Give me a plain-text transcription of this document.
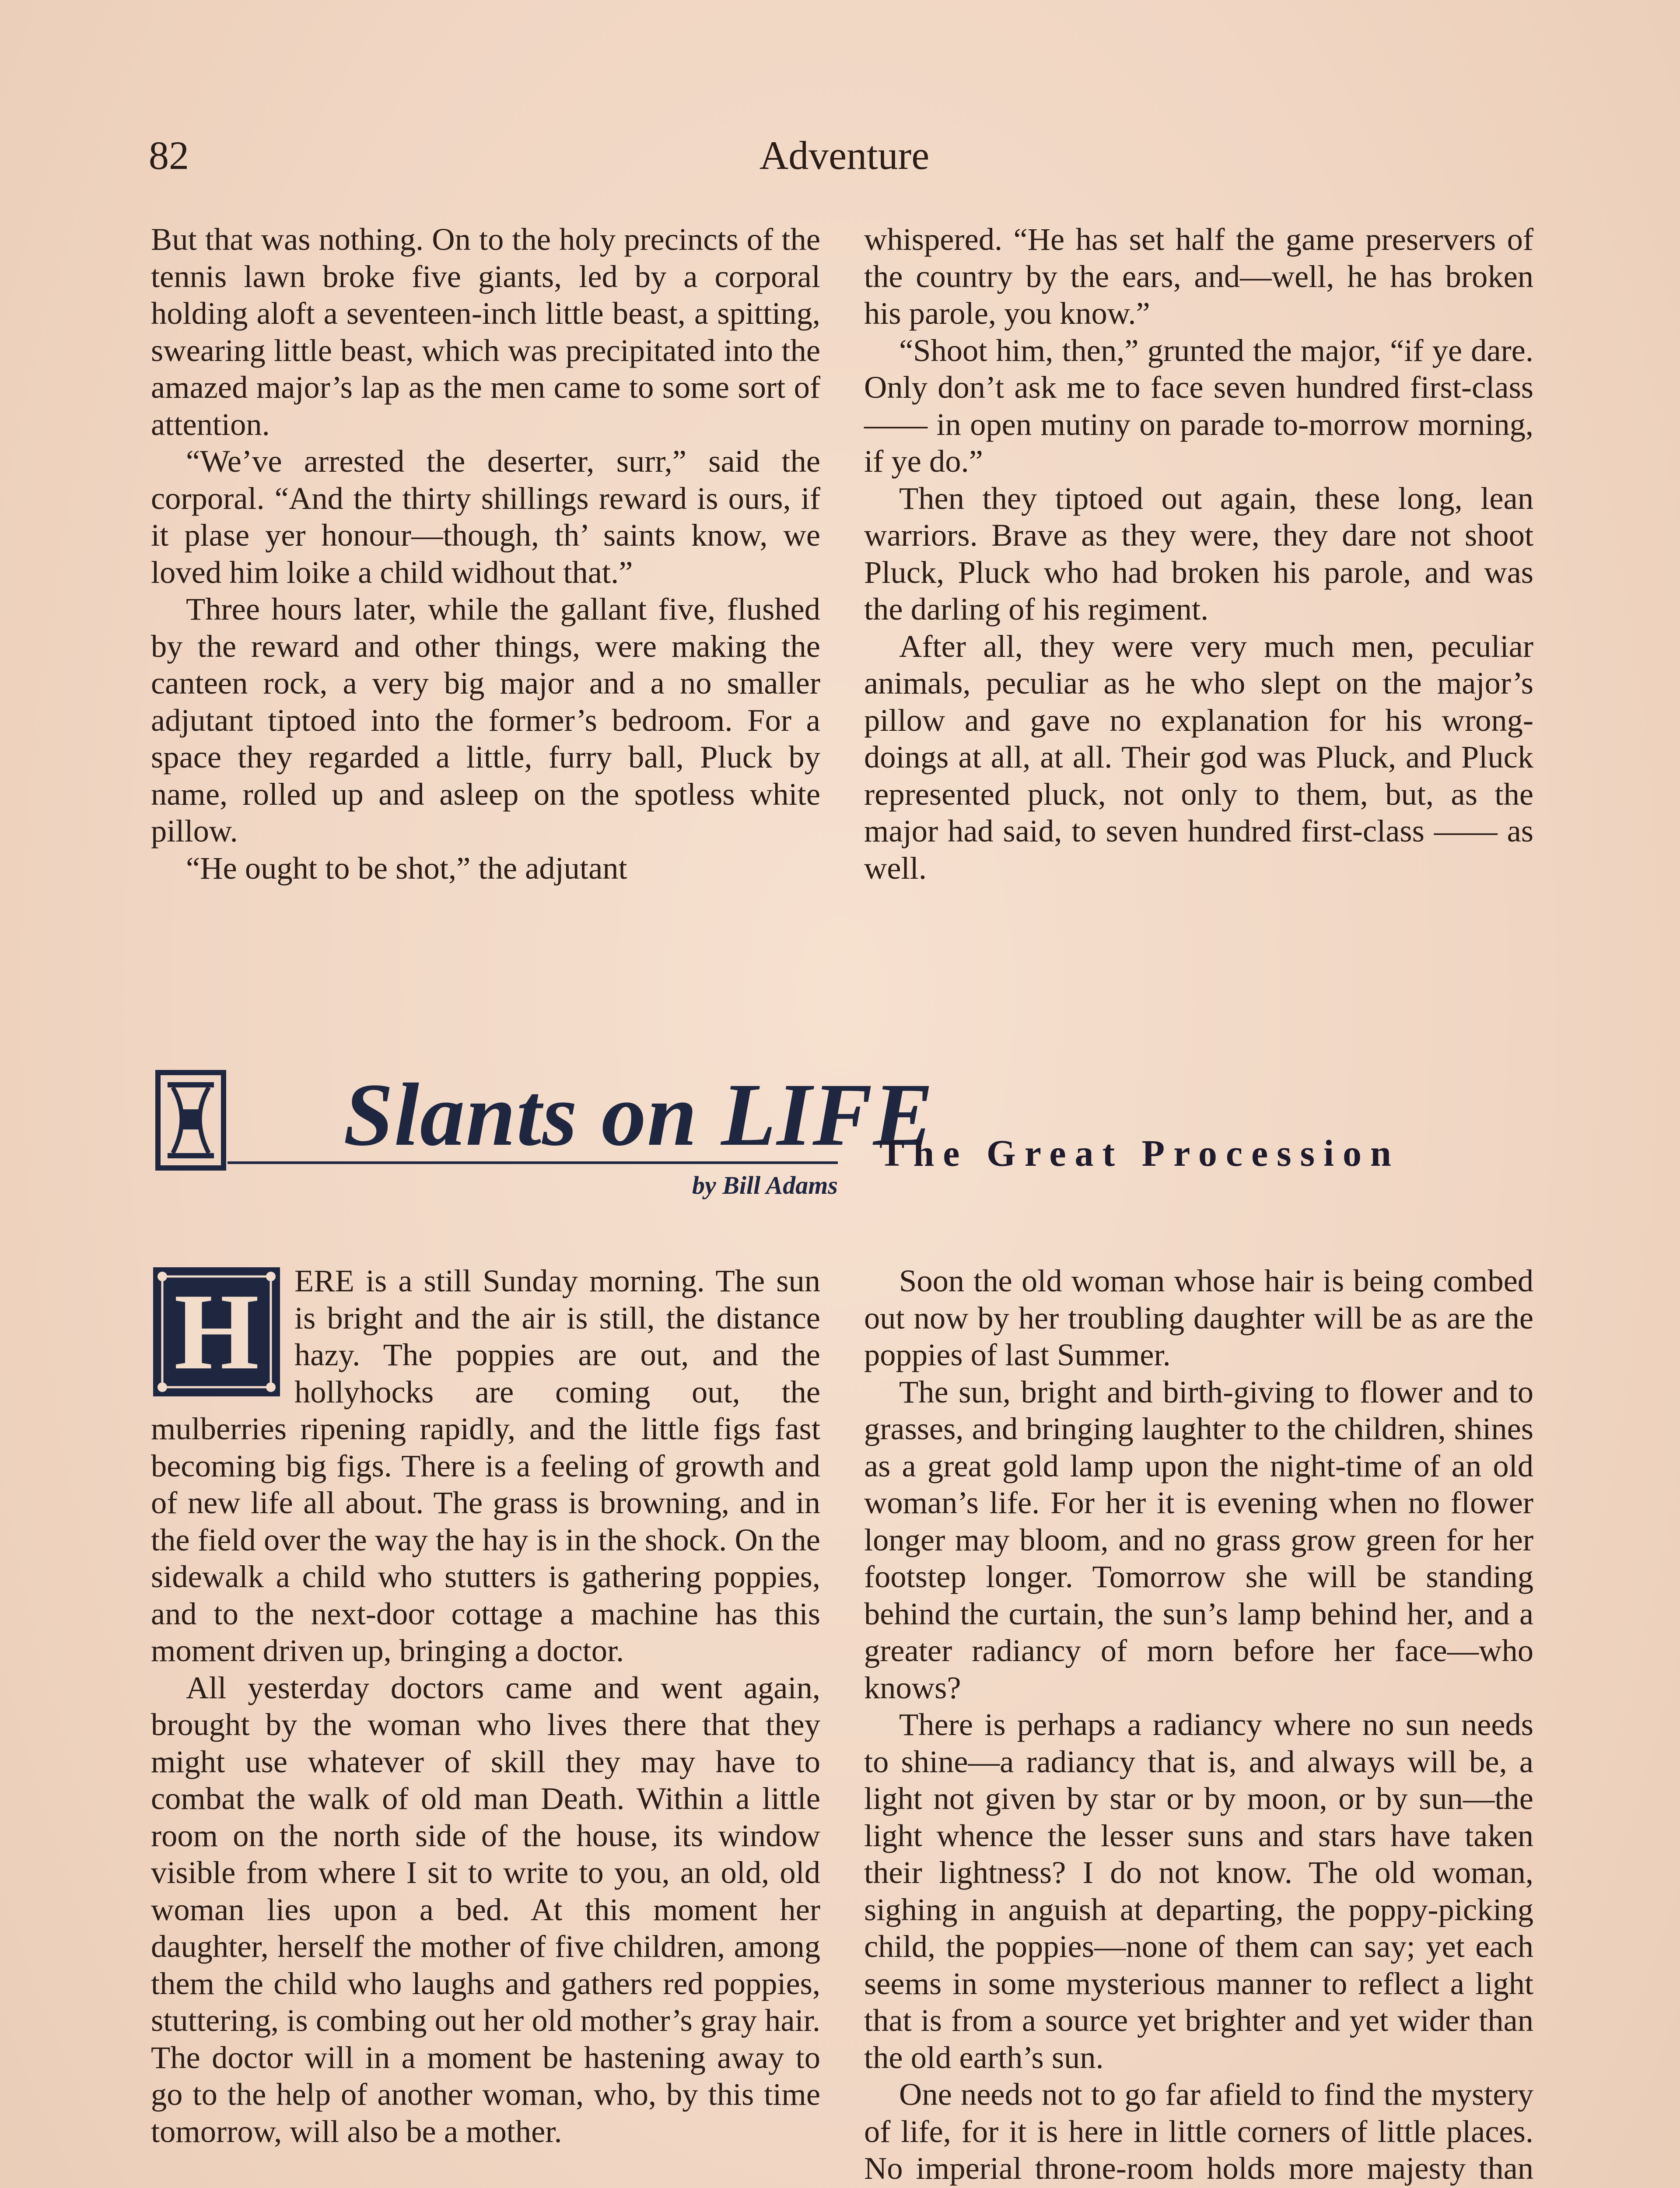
82	Adventure

But that was nothing. On to the holy precincts of the tennis lawn broke five giants, led by a corporal holding aloft a seventeen-inch little beast, a spitting, swearing little beast, which was precipitated into the amazed major’s lap as the men came to some sort of attention.

“We’ve arrested the deserter, surr,” said the corporal. “And the thirty shillings reward is ours, if it plase yer honour—though, th’ saints know, we loved him loike a child widhout that.”

Three hours later, while the gallant five, flushed by the reward and other things, were making the canteen rock, a very big major and a no smaller adjutant tiptoed into the former’s bedroom. For a space they regarded a little, furry ball, Pluck by name, rolled up and asleep on the spotless white pillow.

“He ought to be shot,” the adjutant

whispered. “He has set half the game preservers of the country by the ears, and—well, he has broken his parole, you know.”

“Shoot him, then,” grunted the major, “if ye dare. Only don’t ask me to face seven hundred first-class —— in open mutiny on parade to-morrow morning, if ye do.”

Then they tiptoed out again, these long, lean warriors. Brave as they were, they dare not shoot Pluck, Pluck who had broken his parole, and was the darling of his regiment.

After all, they were very much men, peculiar animals, peculiar as he who slept on the major’s pillow and gave no explanation for his wrong-doings at all, at all. Their god was Pluck, and Pluck represented pluck, not only to them, but, as the major had said, to seven hundred first-class —— as well.

Slants on LIFE
by Bill Adams
The Great Procession
H	ERE is a still Sunday morning. The sun is bright and the air is still, the distance hazy. The poppies are out, and the hollyhocks are coming out, the mulberries ripening rapidly, and the little figs fast becoming big figs. There is a feeling of growth and of new life all about. The grass is browning, and in the field over the way the hay is in the shock. On the sidewalk a child who stutters is gathering poppies, and to the next-door cottage a machine has this moment driven up, bringing a doctor.

All yesterday doctors came and went again, brought by the woman who lives there that they might use whatever of skill they may have to combat the walk of old man Death. Within a little room on the north side of the house, its window visible from where I sit to write to you, an old, old woman lies upon a bed. At this moment her daughter, herself the mother of five children, among them the child who laughs and gathers red poppies, stuttering, is combing out her old mother’s gray hair. The doctor will in a moment be hastening away to go to the help of another woman, who, by this time tomorrow, will also be a mother.

Soon the old woman whose hair is being combed out now by her troubling daughter will be as are the poppies of last Summer.

The sun, bright and birth-giving to flower and to grasses, and bringing laughter to the children, shines as a great gold lamp upon the night-time of an old woman’s life. For her it is evening when no flower longer may bloom, and no grass grow green for her footstep longer. Tomorrow she will be standing behind the curtain, the sun’s lamp behind her, and a greater radiancy of morn before her face—who knows?

There is perhaps a radiancy where no sun needs to shine—a radiancy that is, and always will be, a light not given by star or by moon, or by sun—the light whence the lesser suns and stars have taken their lightness? I do not know. The old woman, sighing in anguish at departing, the poppy-picking child, the poppies—none of them can say; yet each seems in some mysterious manner to reflect a light that is from a source yet brighter and yet wider than the old earth’s sun.

One needs not to go far afield to find the mystery of life, for it is here in little corners of little places. No imperial throne-room holds more majesty than
